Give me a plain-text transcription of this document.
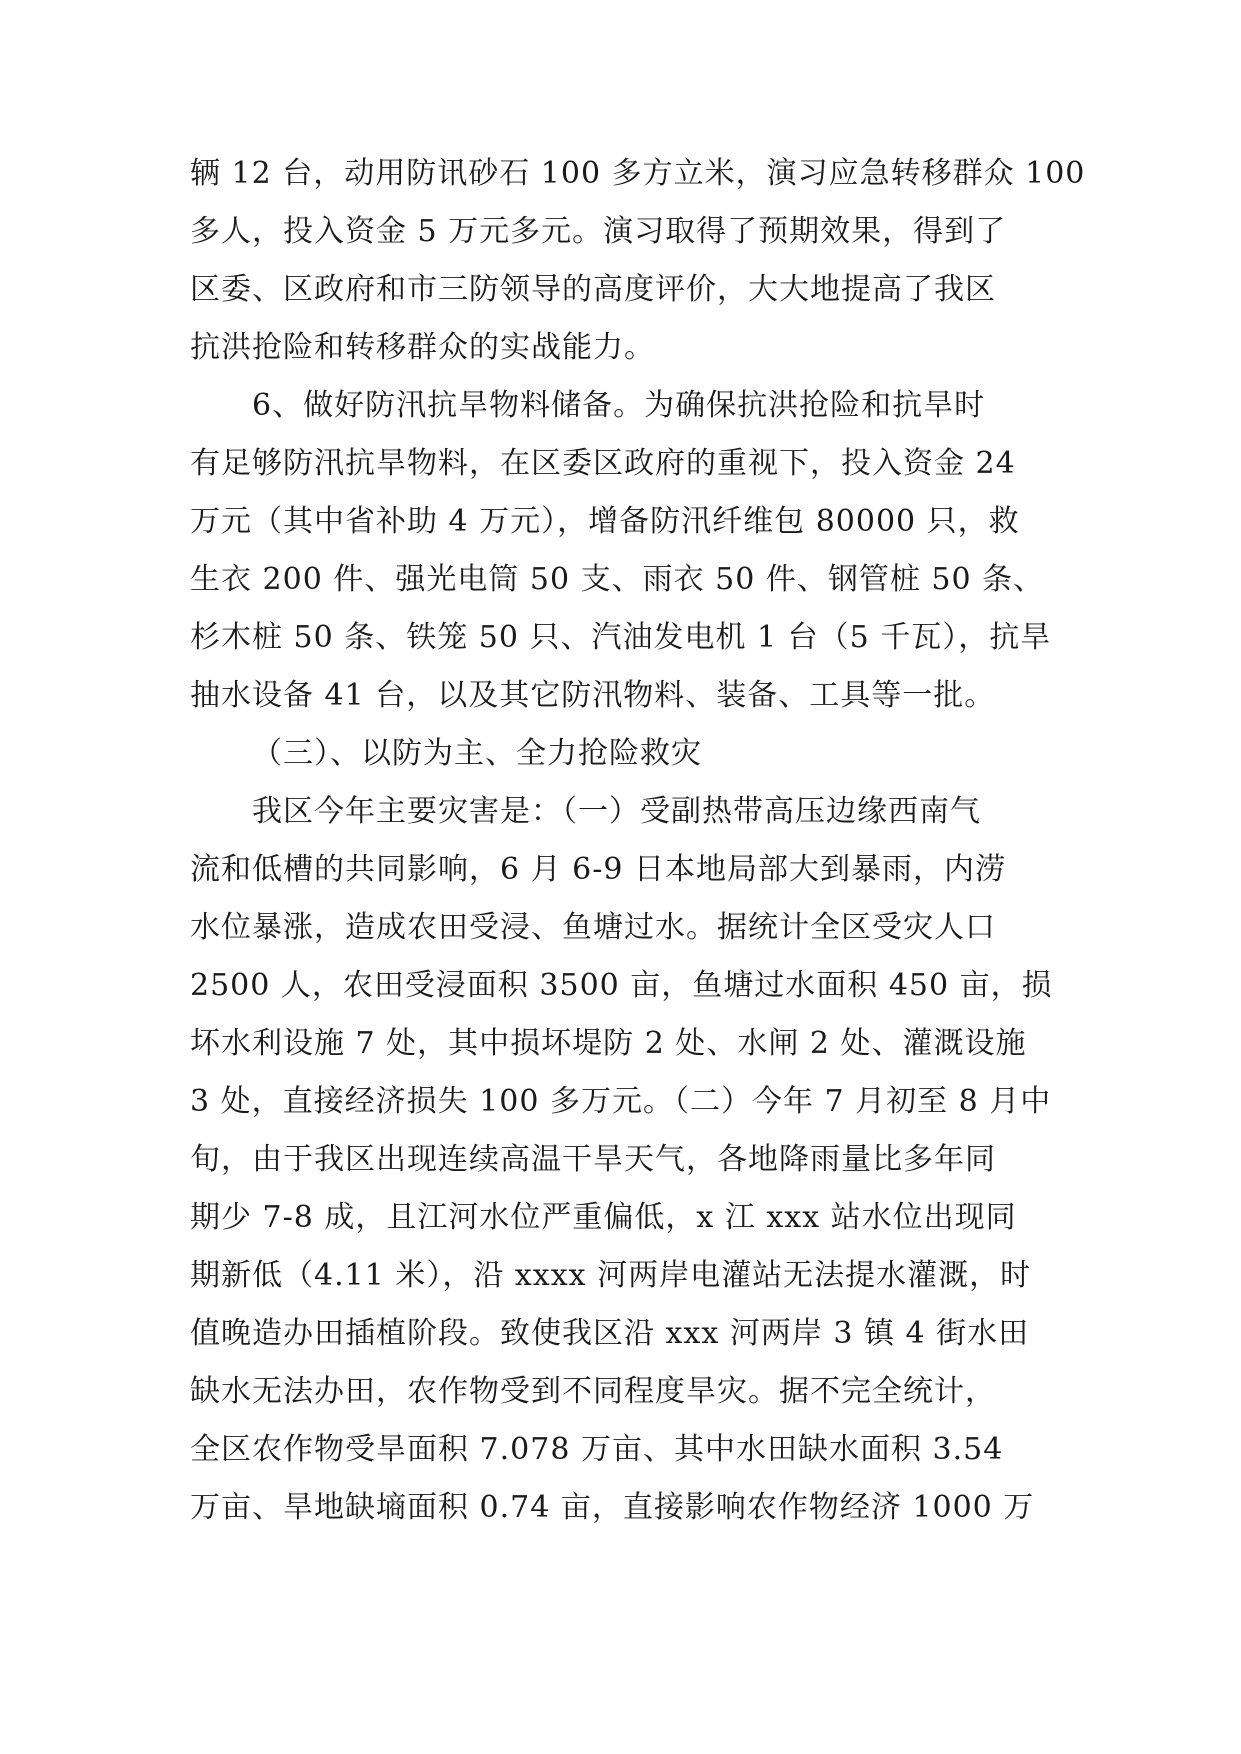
辆 12 台，动用防讯砂石 100 多方立米，演习应急转移群众 100
多人，投入资金 5 万元多元。演习取得了预期效果，得到了
区委、区政府和市三防领导的高度评价，大大地提高了我区
抗洪抢险和转移群众的实战能力。
6、做好防汛抗旱物料储备。为确保抗洪抢险和抗旱时
有足够防汛抗旱物料，在区委区政府的重视下，投入资金 24
万元（其中省补助 4 万元），增备防汛纤维包 80000 只，救
生衣 200 件、强光电筒 50 支、雨衣 50 件、钢管桩 50 条、
杉木桩 50 条、铁笼 50 只、汽油发电机 1 台（5 千瓦），抗旱
抽水设备 41 台，以及其它防汛物料、装备、工具等一批。
（三）、以防为主、全力抢险救灾
我区今年主要灾害是：（一）受副热带高压边缘西南气
流和低槽的共同影响，6 月 6-9 日本地局部大到暴雨，内涝
水位暴涨，造成农田受浸、鱼塘过水。据统计全区受灾人口
2500 人，农田受浸面积 3500 亩，鱼塘过水面积 450 亩，损
坏水利设施 7 处，其中损坏堤防 2 处、水闸 2 处、灌溉设施
3 处，直接经济损失 100 多万元。（二）今年 7 月初至 8 月中
旬，由于我区出现连续高温干旱天气，各地降雨量比多年同
期少 7-8 成，且江河水位严重偏低，x 江 xxx 站水位出现同
期新低（4.11 米），沿 xxxx 河两岸电灌站无法提水灌溉，时
值晚造办田插植阶段。致使我区沿 xxx 河两岸 3 镇 4 街水田
缺水无法办田，农作物受到不同程度旱灾。据不完全统计，
全区农作物受旱面积 7.078 万亩、其中水田缺水面积 3.54
万亩、旱地缺墒面积 0.74 亩，直接影响农作物经济 1000 万
